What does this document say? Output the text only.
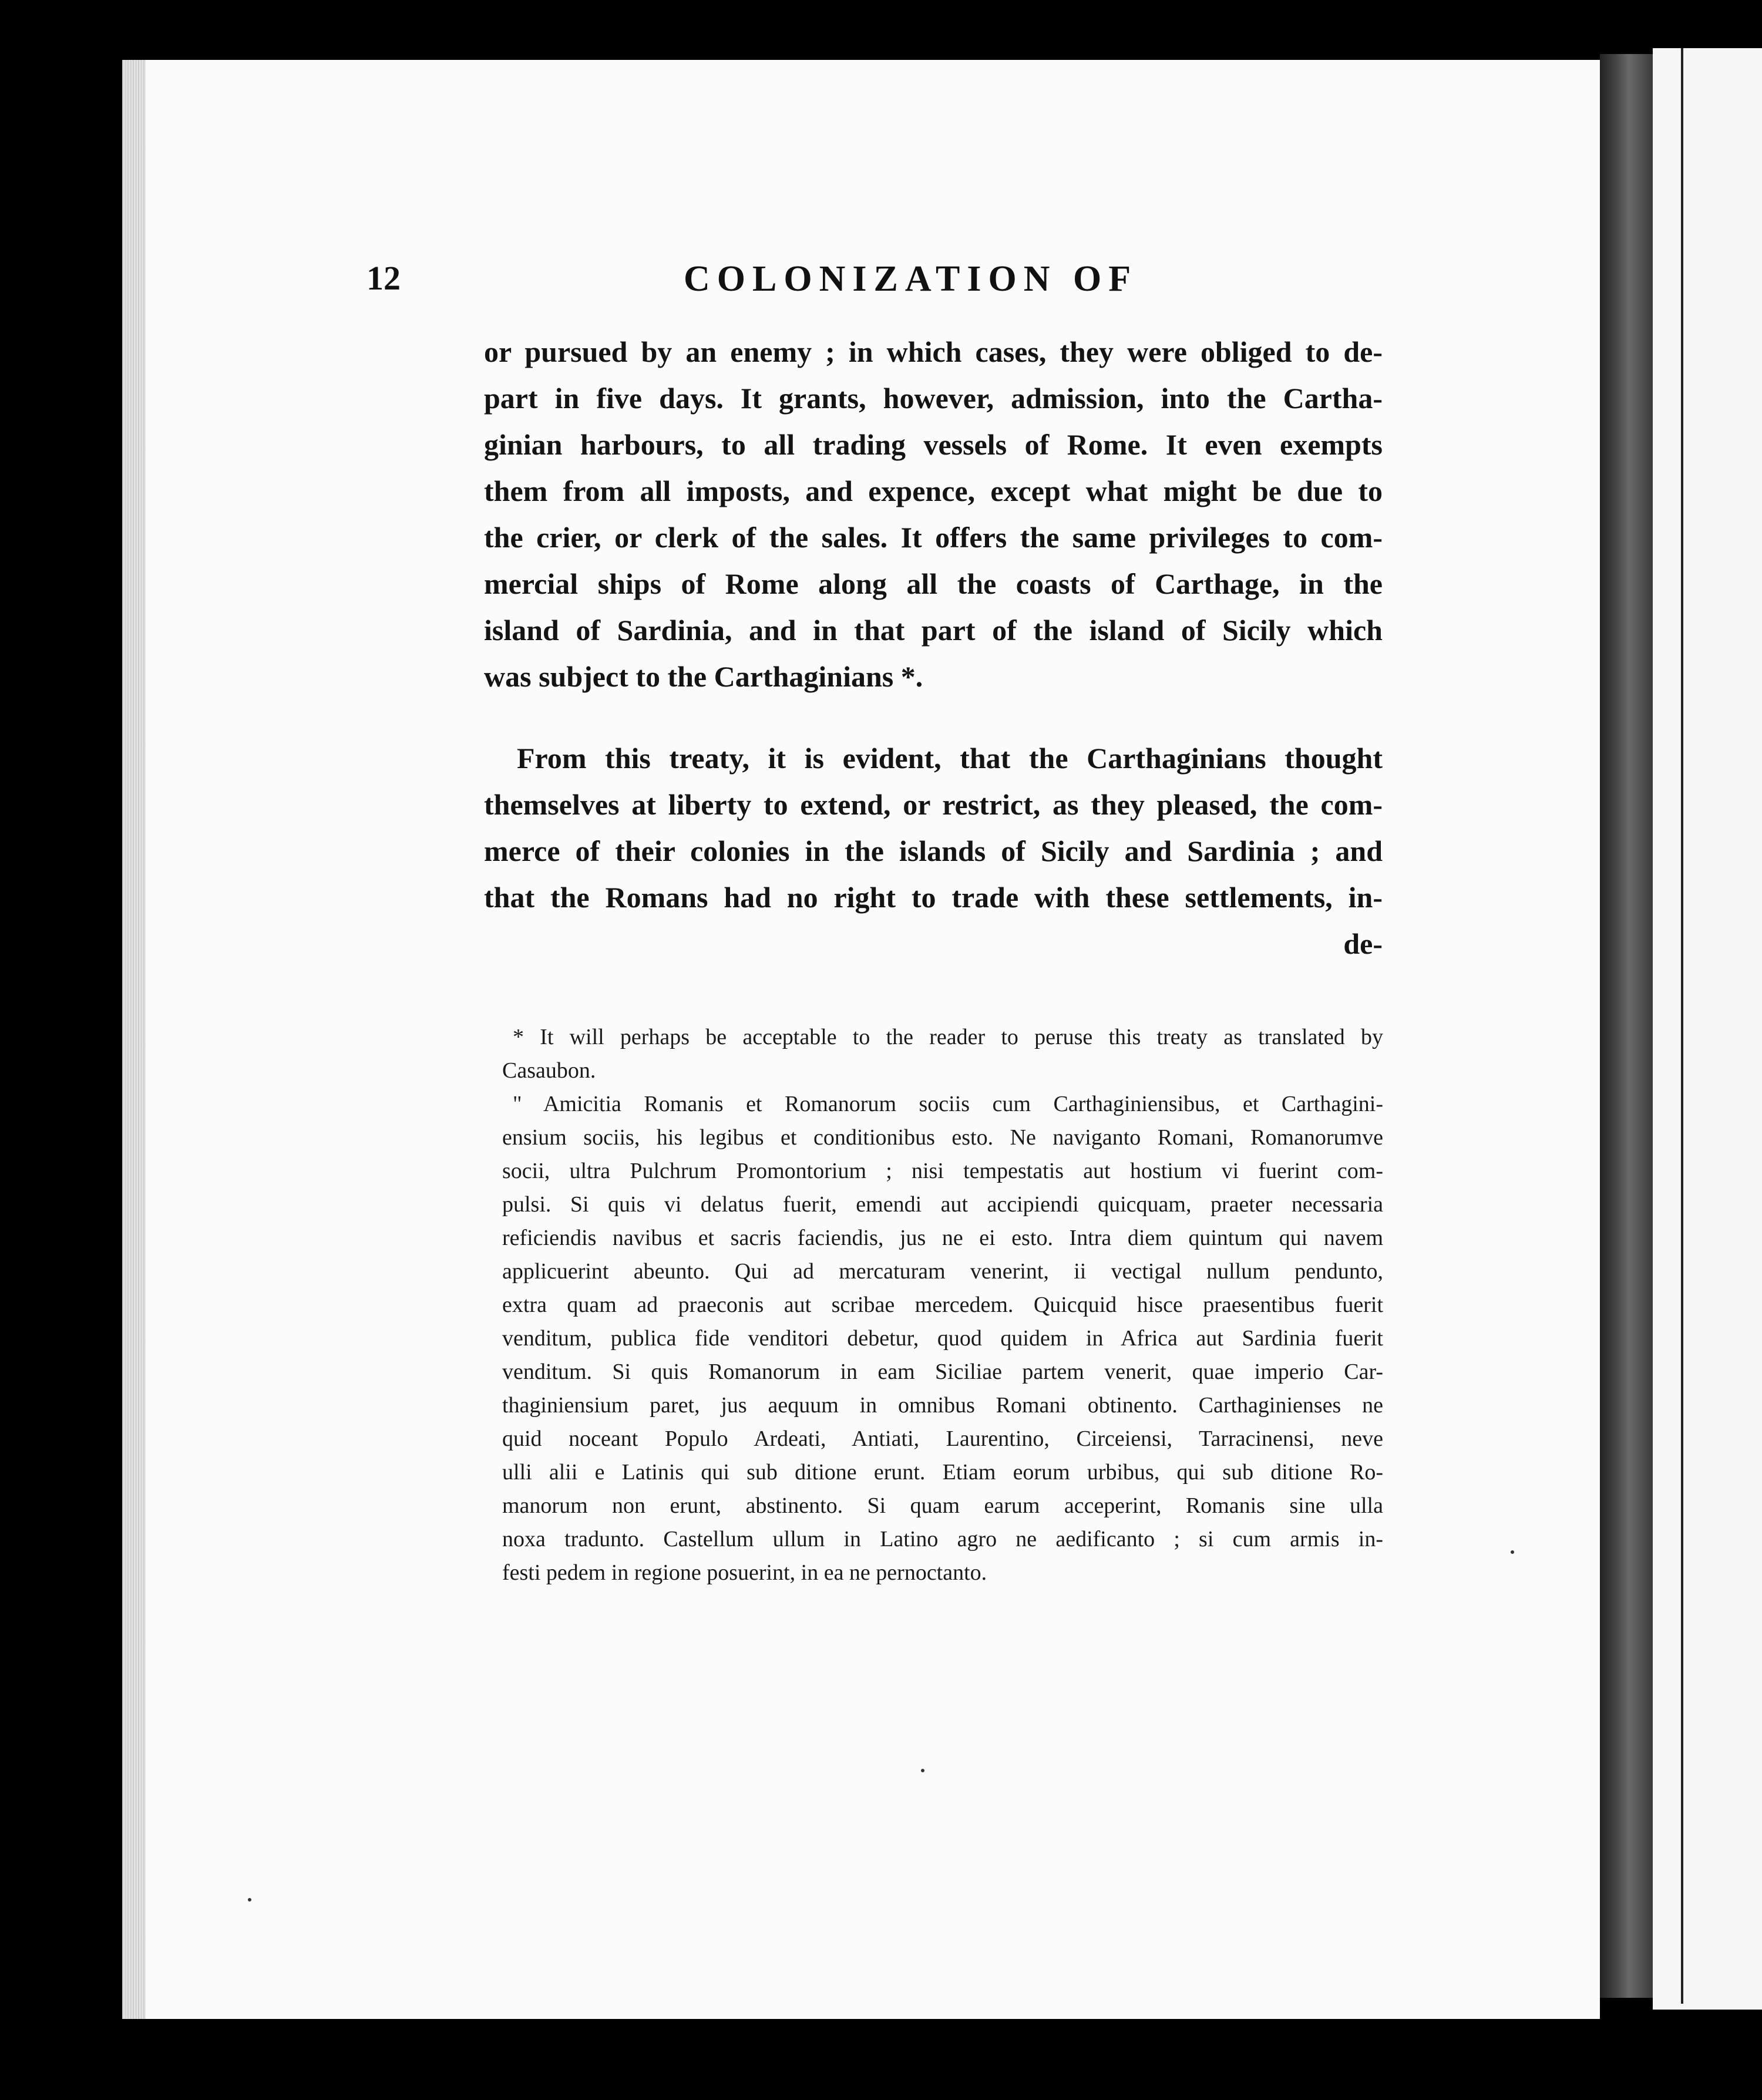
12	COLONIZATION OF
or pursued by an enemy ; in which cases, they were obliged to de-
part in five days. It grants, however, admission, into the Cartha-
ginian harbours, to all trading vessels of Rome. It even exempts
them from all imposts, and expence, except what might be due to
the crier, or clerk of the sales. It offers the same privileges to com-
mercial ships of Rome along all the coasts of Carthage, in the
island of Sardinia, and in that part of the island of Sicily which
was subject to the Carthaginians *.
From this treaty, it is evident, that the Carthaginians thought
themselves at liberty to extend, or restrict, as they pleased, the com-
merce of their colonies in the islands of Sicily and Sardinia ; and
that the Romans had no right to trade with these settlements, in-
de-
* It will perhaps be acceptable to the reader to peruse this treaty as translated by
Casaubon.
" Amicitia Romanis et Romanorum sociis cum Carthaginiensibus, et Carthagini-
ensium sociis, his legibus et conditionibus esto. Ne naviganto Romani, Romanorumve
socii, ultra Pulchrum Promontorium ; nisi tempestatis aut hostium vi fuerint com-
pulsi. Si quis vi delatus fuerit, emendi aut accipiendi quicquam, praeter necessaria
reficiendis navibus et sacris faciendis, jus ne ei esto. Intra diem quintum qui navem
applicuerint abeunto. Qui ad mercaturam venerint, ii vectigal nullum pendunto,
extra quam ad praeconis aut scribae mercedem. Quicquid hisce praesentibus fuerit
venditum, publica fide venditori debetur, quod quidem in Africa aut Sardinia fuerit
venditum. Si quis Romanorum in eam Siciliae partem venerit, quae imperio Car-
thaginiensium paret, jus aequum in omnibus Romani obtinento. Carthaginienses ne
quid noceant Populo Ardeati, Antiati, Laurentino, Circeiensi, Tarracinensi, neve
ulli alii e Latinis qui sub ditione erunt. Etiam eorum urbibus, qui sub ditione Ro-
manorum non erunt, abstinento. Si quam earum acceperint, Romanis sine ulla
noxa tradunto. Castellum ullum in Latino agro ne aedificanto ; si cum armis in-
festi pedem in regione posuerint, in ea ne pernoctanto.
